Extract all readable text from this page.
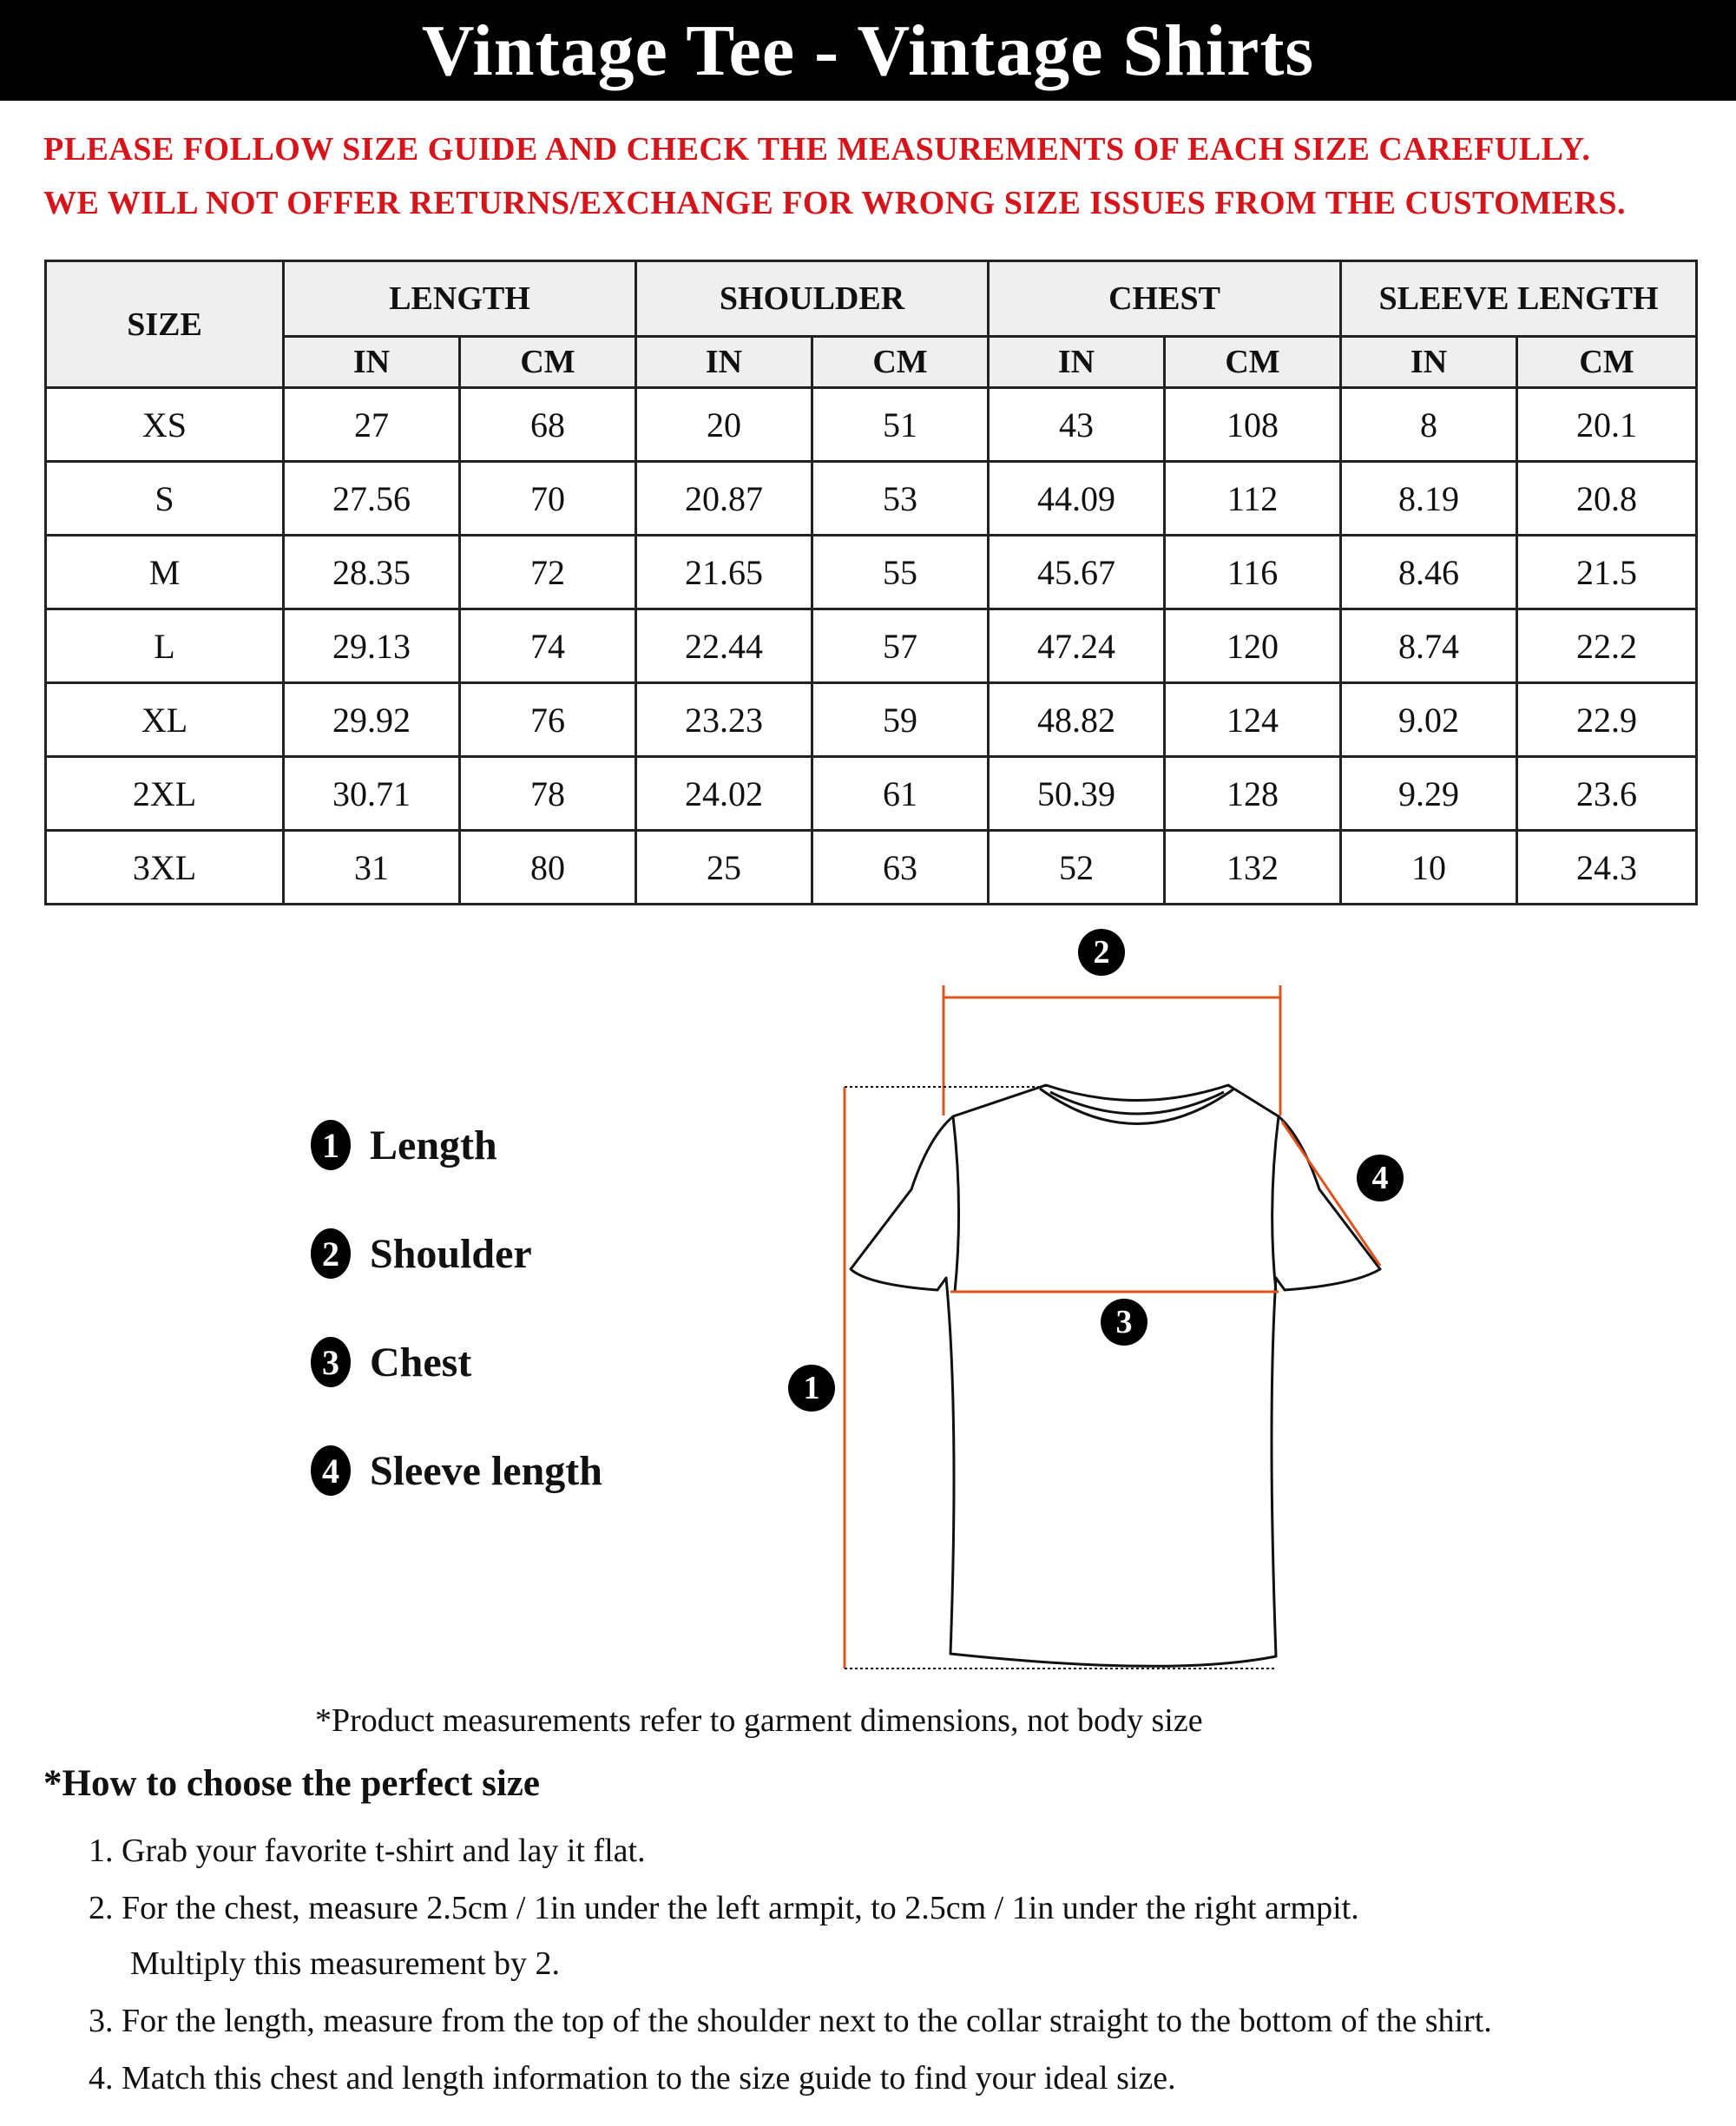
Vintage Tee - Vintage Shirts
PLEASE FOLLOW SIZE GUIDE AND CHECK THE MEASUREMENTS OF EACH SIZE CAREFULLY.
WE WILL NOT OFFER RETURNS/EXCHANGE FOR WRONG SIZE ISSUES FROM THE CUSTOMERS.
SIZE	LENGTH		SHOULDER		CHEST		SLEEVE LENGTH	
	IN	CM	IN	CM	IN	CM	IN	CM
XS	27	68	20	51	43	108	8	20.1
S	27.56	70	20.87	53	44.09	112	8.19	20.8
M	28.35	72	21.65	55	45.67	116	8.46	21.5
L	29.13	74	22.44	57	47.24	120	8.74	22.2
XL	29.92	76	23.23	59	48.82	124	9.02	22.9
2XL	30.71	78	24.02	61	50.39	128	9.29	23.6
3XL	31	80	25	63	52	132	10	24.3
1 Length
2 Shoulder
3 Chest
4 Sleeve length
2
4
3
1
*Product measurements refer to garment dimensions, not body size
*How to choose the perfect size
1. Grab your favorite t-shirt and lay it flat.
2. For the chest, measure 2.5cm / 1in under the left armpit, to 2.5cm / 1in under the right armpit.
Multiply this measurement by 2.
3. For the length, measure from the top of the shoulder next to the collar straight to the bottom of the shirt.
4. Match this chest and length information to the size guide to find your ideal size.
